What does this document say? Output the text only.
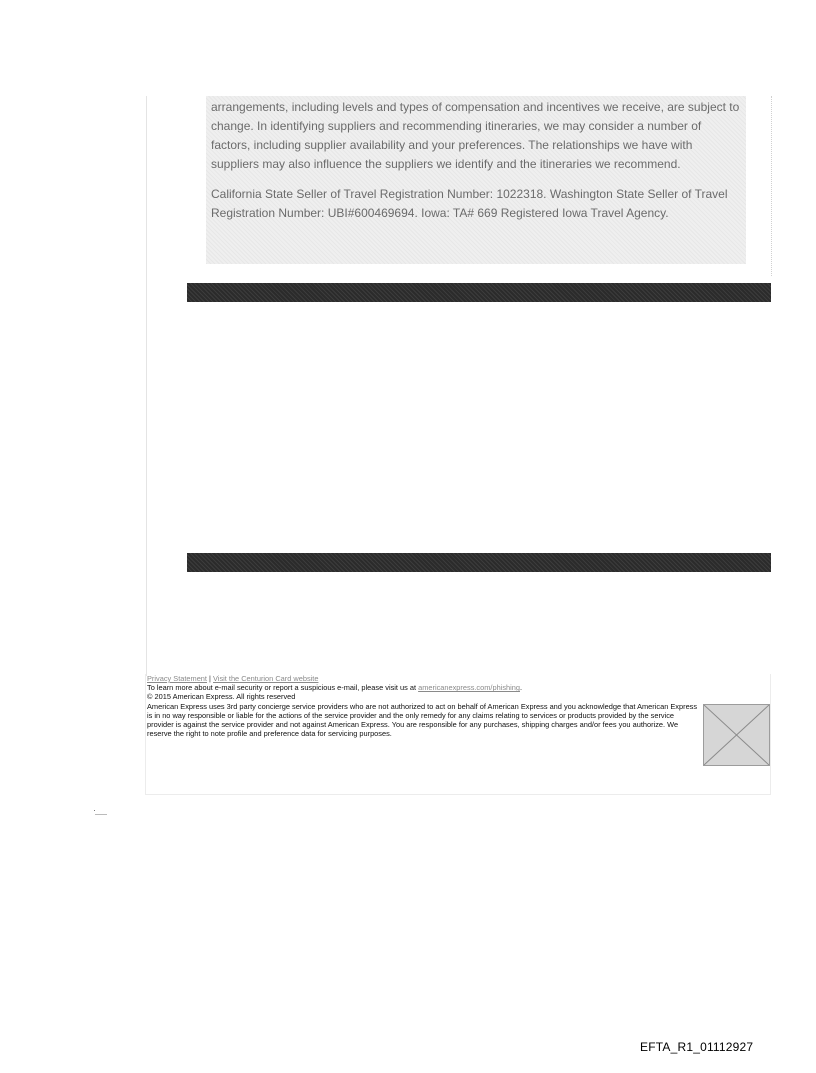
arrangements, including levels and types of compensation and incentives we receive, are subject to change. In identifying suppliers and recommending itineraries, we may consider a number of factors, including supplier availability and your preferences. The relationships we have with suppliers may also influence the suppliers we identify and the itineraries we recommend.

California State Seller of Travel Registration Number: 1022318. Washington State Seller of Travel Registration Number: UBI#600469694. Iowa: TA# 669 Registered Iowa Travel Agency.

Privacy Statement | Visit the Centurion Card website
To learn more about e-mail security or report a suspicious e-mail, please visit us at americanexpress.com/phishing.
© 2015 American Express. All rights reserved
American Express uses 3rd party concierge service providers who are not authorized to act on behalf of American Express and you acknowledge that American Express is in no way responsible or liable for the actions of the service provider and the only remedy for any claims relating to services or products provided by the service provider is against the service provider and not against American Express. You are responsible for any purchases, shipping charges and/or fees you authorize. We reserve the right to note profile and preference data for servicing purposes.
EFTA_R1_01112927
